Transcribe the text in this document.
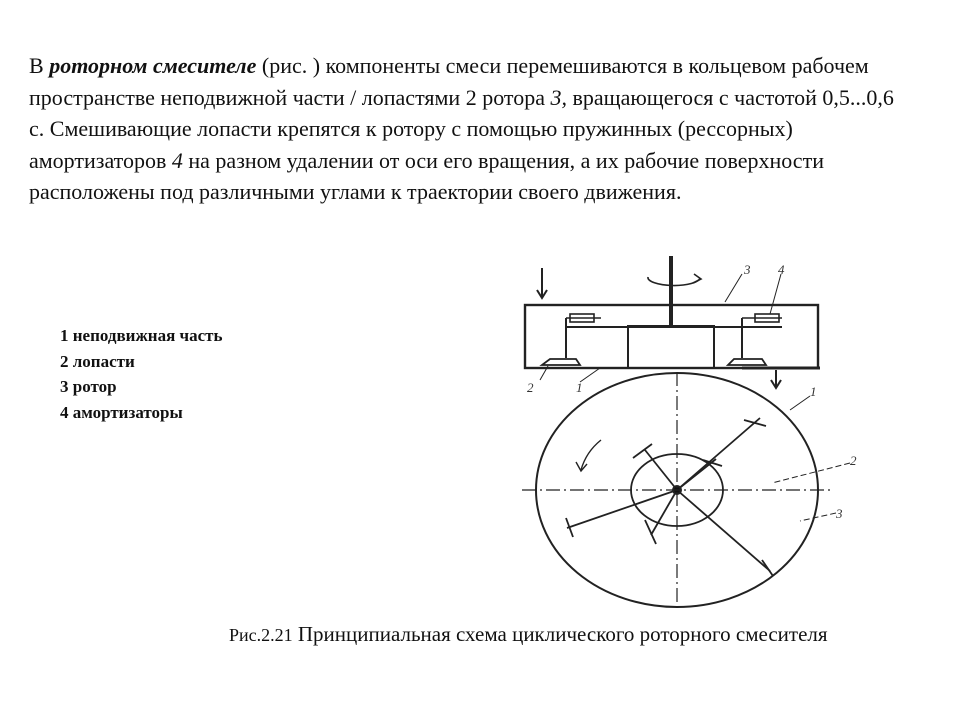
В роторном смесителе (рис. ) компоненты смеси перемешиваются в кольцевом рабочем пространстве неподвижной части / лопастями 2 ротора 3, вращающегося с частотой 0,5...0,6 с. Смешивающие лопасти крепятся к ротору с помощью пружинных (рессорных) амортизаторов 4 на разном удалении от оси его вращения, а их рабочие поверхности расположены под различными углами к траектории своего движения.

1 неподвижная часть
2 лопасти
3 ротор
4 амортизаторы
3 4
2	1	1
2
3

Рис.2.21 Принципиальная схема циклического роторного смесителя
